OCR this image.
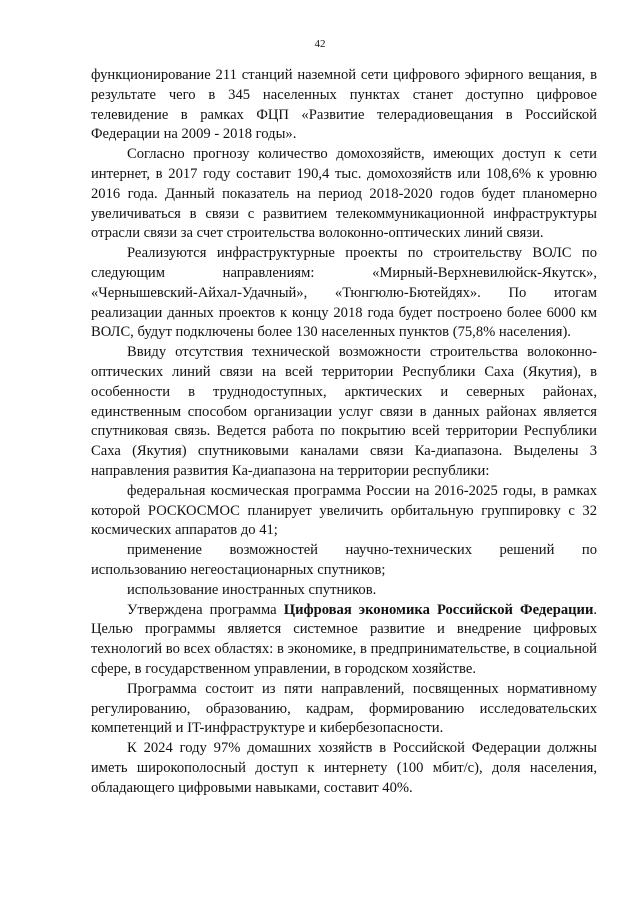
42

функционирование 211 станций наземной сети цифрового эфирного вещания, в результате чего в 345 населенных пунктах станет доступно цифровое телевидение в рамках ФЦП «Развитие телерадиовещания в Российской Федерации на 2009 - 2018 годы».

Согласно прогнозу количество домохозяйств, имеющих доступ к сети интернет, в 2017 году составит 190,4 тыс. домохозяйств или 108,6% к уровню 2016 года. Данный показатель на период 2018-2020 годов будет планомерно увеличиваться в связи с развитием телекоммуникационной инфраструктуры отрасли связи за счет строительства волоконно-оптических линий связи.

Реализуются инфраструктурные проекты по строительству ВОЛС по следующим направлениям: «Мирный-Верхневилюйск-Якутск», «Чернышевский-Айхал-Удачный», «Тюнгюлю-Бютейдях». По итогам реализации данных проектов к концу 2018 года будет построено более 6000 км ВОЛС, будут подключены более 130 населенных пунктов (75,8% населения).

Ввиду отсутствия технической возможности строительства волоконно-оптических линий связи на всей территории Республики Саха (Якутия), в особенности в труднодоступных, арктических и северных районах, единственным способом организации услуг связи в данных районах является спутниковая связь. Ведется работа по покрытию всей территории Республики Саха (Якутия) спутниковыми каналами связи Ка-диапазона. Выделены 3 направления развития Ка-диапазона на территории республики:

федеральная космическая программа России на 2016-2025 годы, в рамках которой РОСКОСМОС планирует увеличить орбитальную группировку с 32 космических аппаратов до 41;

применение возможностей научно-технических решений по использованию негеостационарных спутников;

использование иностранных спутников.

Утверждена программа Цифровая экономика Российской Федерации. Целью программы является системное развитие и внедрение цифровых технологий во всех областях: в экономике, в предпринимательстве, в социальной сфере, в государственном управлении, в городском хозяйстве.

Программа состоит из пяти направлений, посвященных нормативному регулированию, образованию, кадрам, формированию исследовательских компетенций и IT-инфраструктуре и кибербезопасности.

К 2024 году 97% домашних хозяйств в Российской Федерации должны иметь широкополосный доступ к интернету (100 мбит/с), доля населения, обладающего цифровыми навыками, составит 40%.
